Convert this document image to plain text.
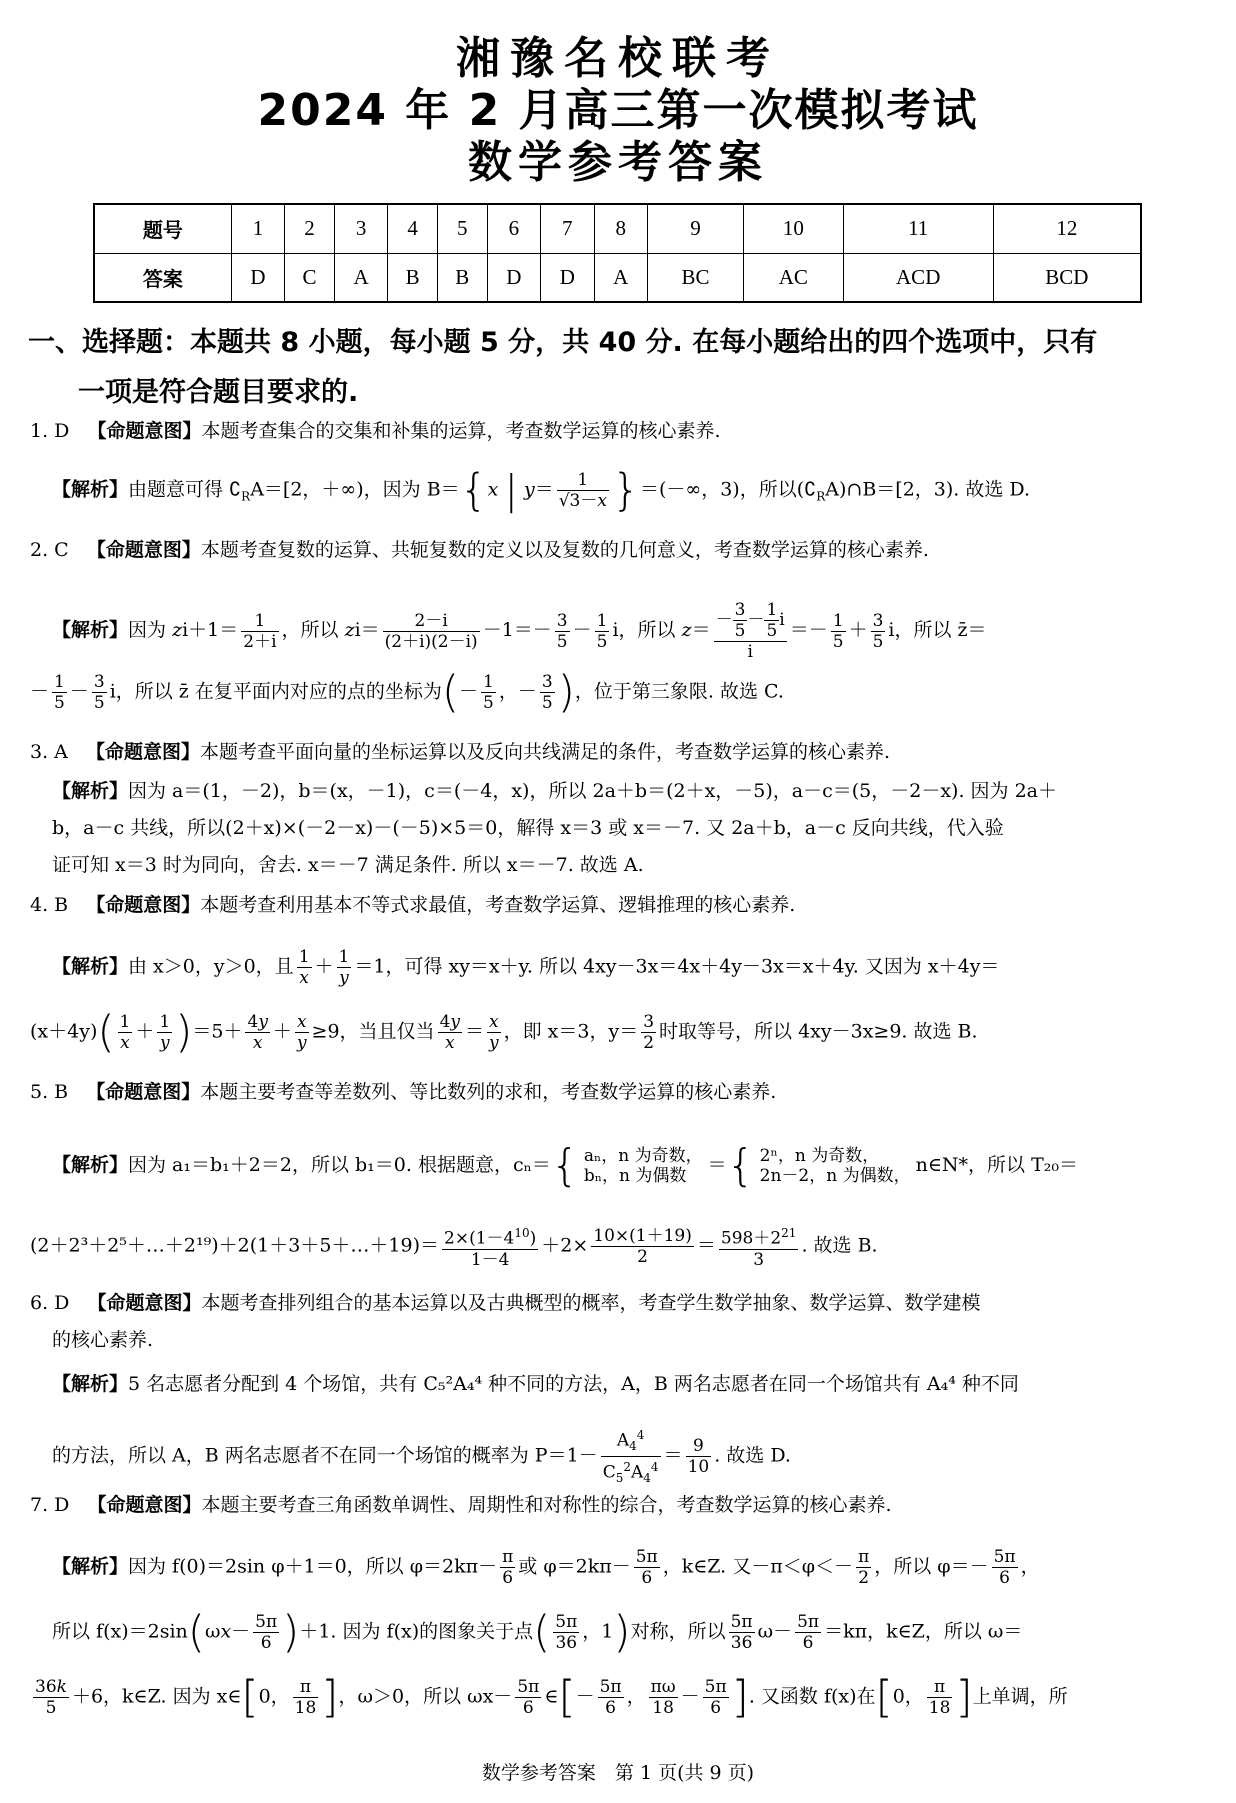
湘豫名校联考
2024 年 2 月高三第一次模拟考试
数学参考答案
题号	1	2	3	4	5	6	7	8	9	10	11	12
答案	D	C	A	B	B	D	D	A	BC	AC	ACD	BCD
一、选择题：本题共 8 小题，每小题 5 分，共 40 分. 在每小题给出的四个选项中，只有
一项是符合题目要求的.
1. D 【命题意图】本题考查集合的交集和补集的运算，考查数学运算的核心素养.
【解析】由题意可得 $∁_RA=[2$，＋∞)，因为 B＝{x | $y= \frac{1}{√3-x}$ }＝(－∞，3)，所以$(∁_RA)\cap B=[2$，3). 故选 D.
2. C 【命题意图】本题考查复数的运算、共轭复数的定义以及复数的几何意义，考查数学运算的核心素养.
【解析】因为 $zi+1= \frac{1}{2+i}$ ，所以 $zi= \frac{2-i}{(2+i)(2-i)} -1=- \frac{3}{5} - \frac{1}{5}$ i，所以 $z= \frac{- \frac{3}{5} - \frac{1}{5} i}{i} =- \frac{1}{5} + \frac{3}{5}$ i，所以 z̄＝
－ $\frac{1}{5} - \frac{3}{5}$ i，所以 z̄ 在复平面内对应的点的坐标为(－ $\frac{1}{5}$ ，－ $\frac{3}{5}$ )，位于第三象限. 故选 C.
3. A 【命题意图】本题考查平面向量的坐标运算以及反向共线满足的条件，考查数学运算的核心素养.
【解析】因为 a＝(1，－2)，b＝(x，－1)，c＝(－4，x)，所以 2a＋b＝(2＋x，－5)，a－c＝(5，－2－x). 因为 2a＋
b，a－c 共线，所以(2＋x)×(－2－x)－(－5)×5＝0，解得 x＝3 或 x＝－7. 又 2a＋b，a－c 反向共线，代入验
证可知 x＝3 时为同向，舍去. x＝－7 满足条件. 所以 x＝－7. 故选 A.
4. B 【命题意图】本题考查利用基本不等式求最值，考查数学运算、逻辑推理的核心素养.
【解析】由 x＞0，y＞0，且 $\frac{1}{x} + \frac{1}{y} =1$，可得 xy＝x＋y. 所以 4xy－3x＝4x＋4y－3x＝x＋4y. 又因为 x＋4y＝
$(x+4y)( \frac{1}{x} + \frac{1}{y} )=5+ \frac{4y}{x} + \frac{x}{y} \ge 9$，当且仅当 $\frac{4y}{x} = \frac{x}{y}$ ，即 x＝3，$y= \frac{3}{2}$ 时取等号，所以 4xy－3x≥9. 故选 B.
5. B 【命题意图】本题主要考查等差数列、等比数列的求和，考查数学运算的核心素养.
【解析】因为 a₁＝b₁＋2＝2，所以 b₁＝0. 根据题意，cₙ＝{ aₙ，n 为奇数，
bₙ，n 为偶数	＝{ 2ⁿ，n 为奇数，
2n－2，n 为偶数， n∈N*，所以 T₂₀＝
(2＋2³＋2⁵＋…＋2¹⁹)＋2(1＋3＋5＋…＋19)＝ $\frac{2\times(1-4^{10})}{1-4} +2\times \frac{10\times(1+19)}{2} = \frac{598+2^{21}}{3}$ . 故选 B.
6. D 【命题意图】本题考查排列组合的基本运算以及古典概型的概率，考查学生数学抽象、数学运算、数学建模
的核心素养.
【解析】5 名志愿者分配到 4 个场馆，共有 C₅²A₄⁴ 种不同的方法，A，B 两名志愿者在同一个场馆共有 A₄⁴ 种不同
的方法，所以 A，B 两名志愿者不在同一个场馆的概率为 $P=1- \frac{A_4^4}{C_5^2A_4^4} = \frac{9}{10}$ . 故选 D.
7. D 【命题意图】本题主要考查三角函数单调性、周期性和对称性的综合，考查数学运算的核心素养.
【解析】因为 f(0)＝2sin φ＋1＝0，所以 $\varphi=2k\pi- \frac{\pi}{6}$ 或 $\varphi=2k\pi- \frac{5\pi}{6}$ ，k∈Z. 又$-\pi<\varphi<- \frac{\pi}{2}$ ，所以 $\varphi=- \frac{5\pi}{6}$ ，
所以 $f(x)=2\sin(\omega x- \frac{5\pi}{6} )+1$. 因为 f(x)的图象关于点( $\frac{5\pi}{36}$ ，1)对称，所以 $\frac{5\pi}{36} \omega- \frac{5\pi}{6} =k\pi$，k∈Z，所以 ω＝
$\frac{36k}{5} +6$，k∈Z. 因为 x∈[0， $\frac{\pi}{18}$ ]，ω＞0，所以 $\omega x- \frac{5\pi}{6}$ ∈[－ $\frac{5\pi}{6}$ ， $\frac{\pi\omega}{18} - \frac{5\pi}{6}$ ]. 又函数 f(x)在[0， $\frac{\pi}{18}$ ]上单调，所
数学参考答案　第 1 页(共 9 页)
